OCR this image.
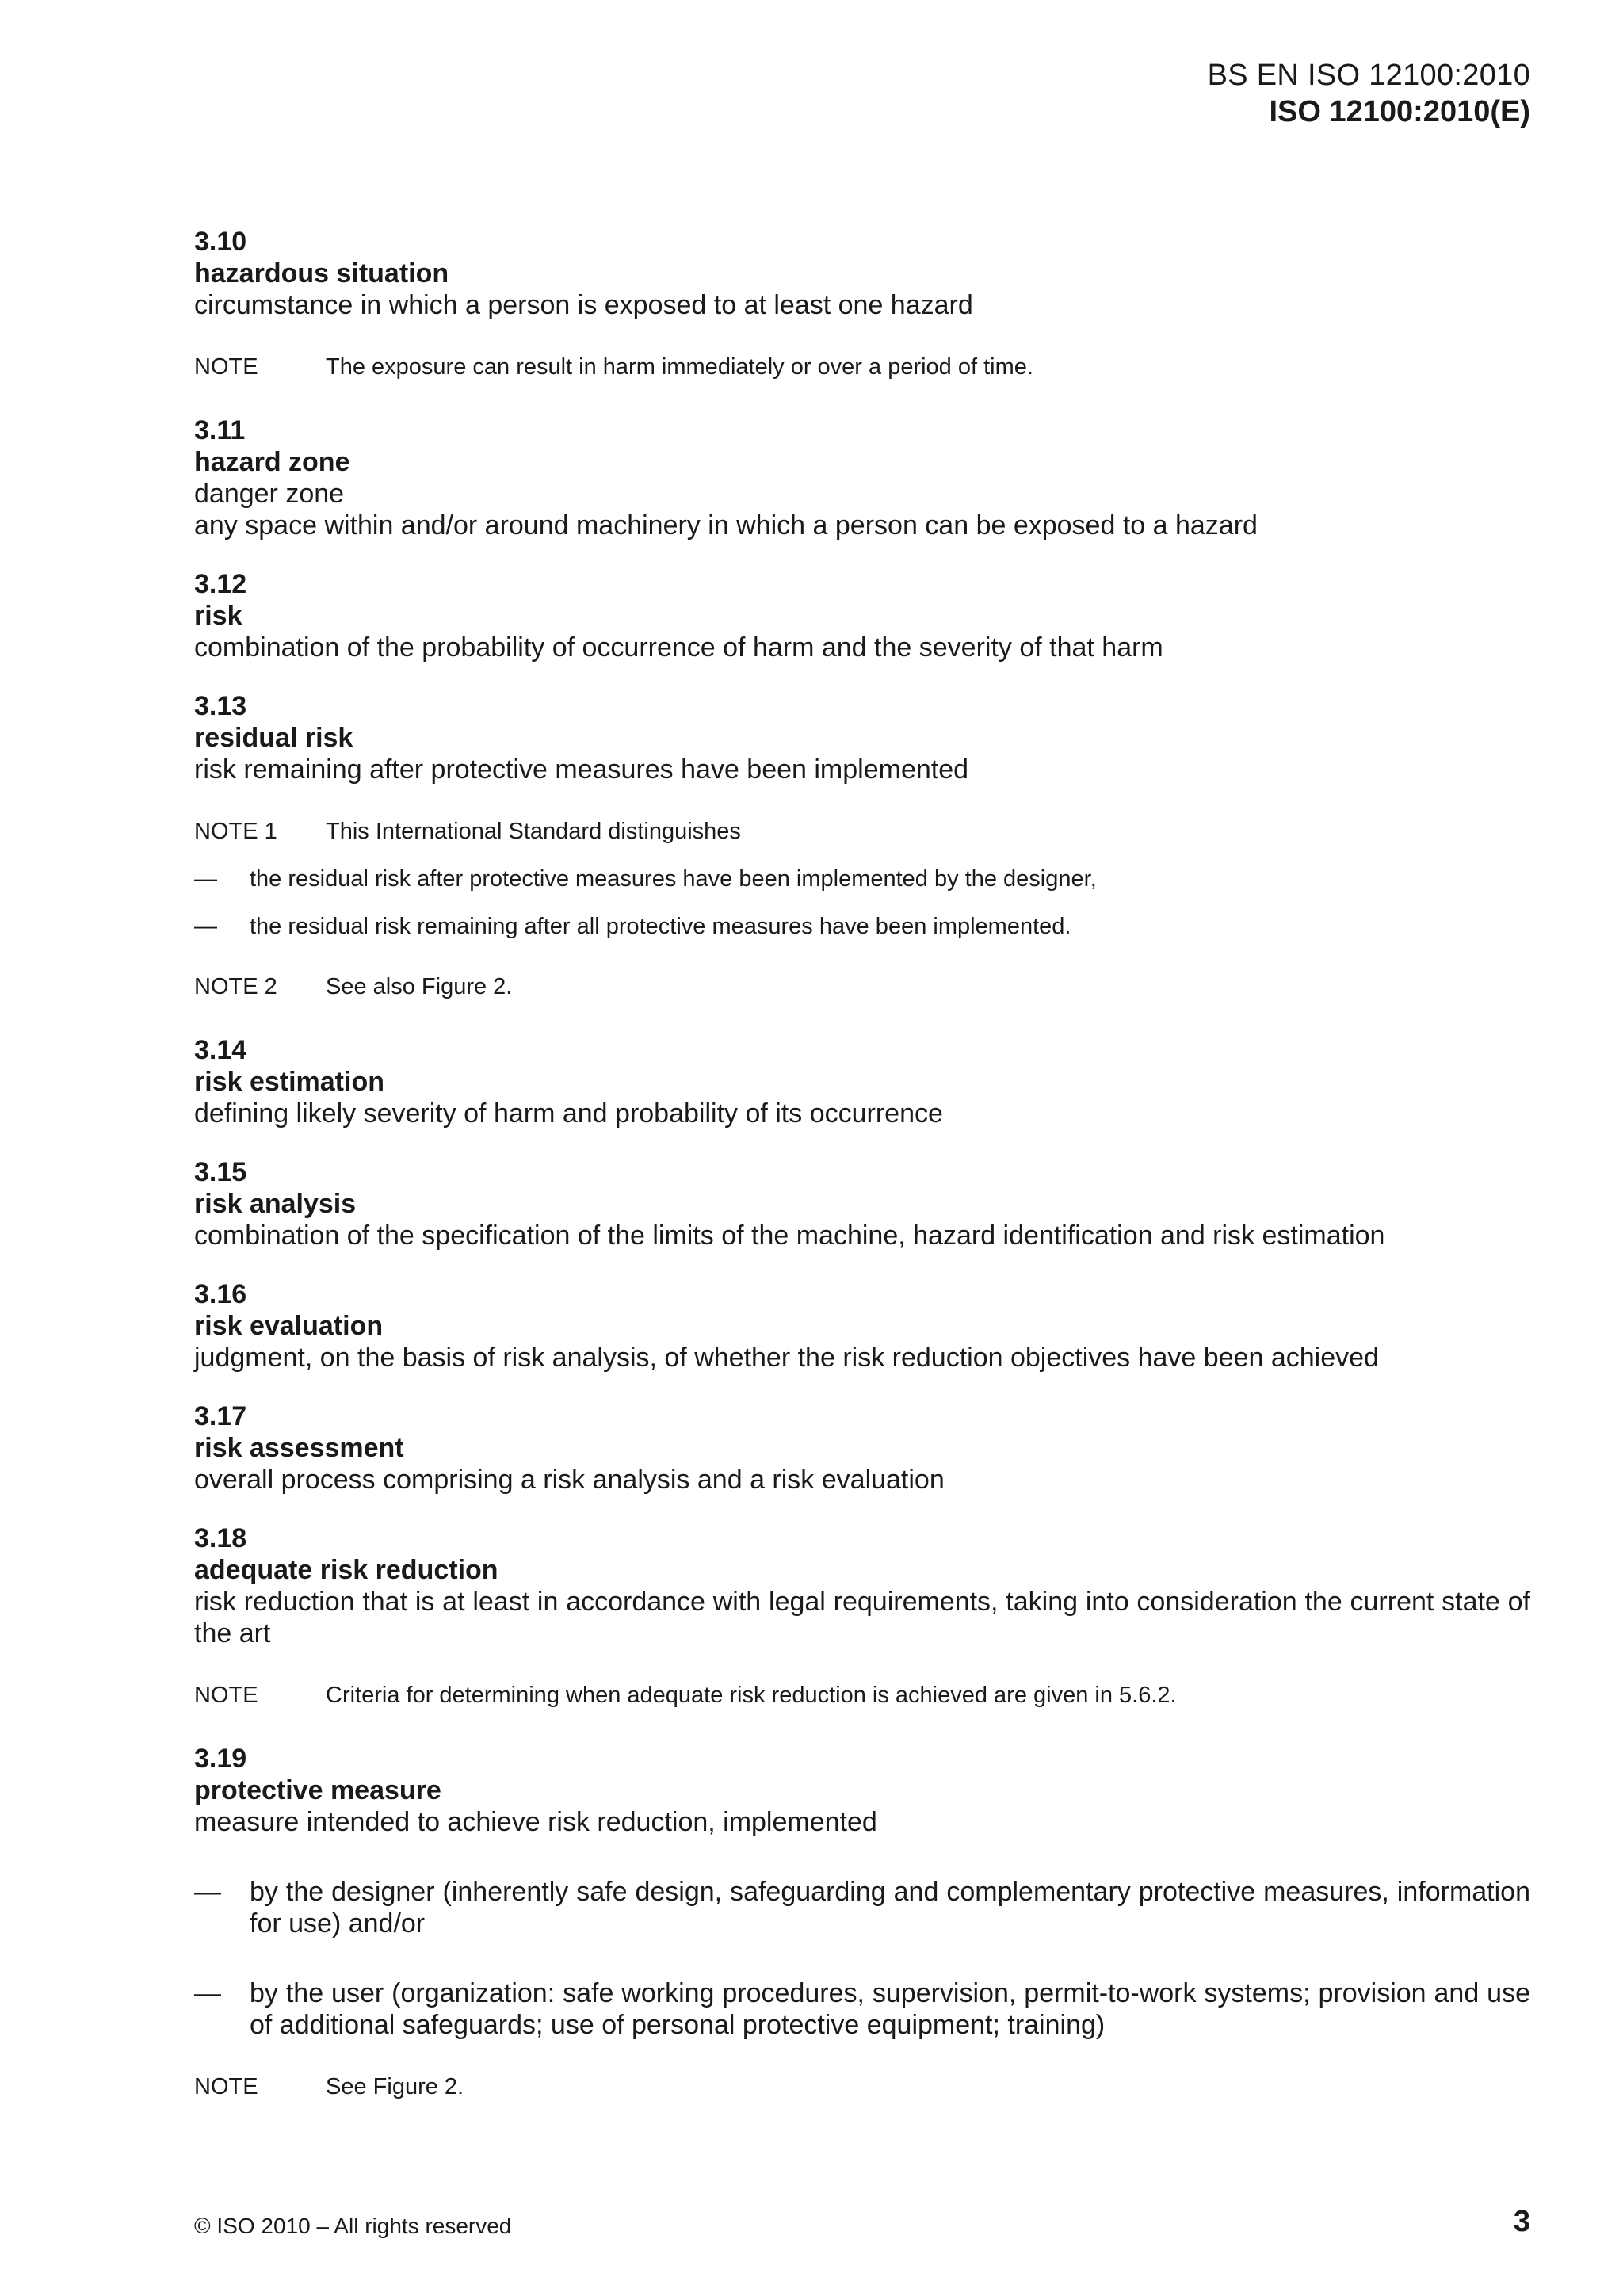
BS EN ISO 12100:2010
ISO 12100:2010(E)
3.10
hazardous situation
circumstance in which a person is exposed to at least one hazard
NOTE	The exposure can result in harm immediately or over a period of time.
3.11
hazard zone
danger zone
any space within and/or around machinery in which a person can be exposed to a hazard
3.12
risk
combination of the probability of occurrence of harm and the severity of that harm
3.13
residual risk
risk remaining after protective measures have been implemented
NOTE 1	This International Standard distinguishes
—	the residual risk after protective measures have been implemented by the designer,
—	the residual risk remaining after all protective measures have been implemented.
NOTE 2	See also Figure 2.
3.14
risk estimation
defining likely severity of harm and probability of its occurrence
3.15
risk analysis
combination of the specification of the limits of the machine, hazard identification and risk estimation
3.16
risk evaluation
judgment, on the basis of risk analysis, of whether the risk reduction objectives have been achieved
3.17
risk assessment
overall process comprising a risk analysis and a risk evaluation
3.18
adequate risk reduction
risk reduction that is at least in accordance with legal requirements, taking into consideration the current state of the art
NOTE	Criteria for determining when adequate risk reduction is achieved are given in 5.6.2.
3.19
protective measure
measure intended to achieve risk reduction, implemented
—	by the designer (inherently safe design, safeguarding and complementary protective measures, information for use) and/or
—	by the user (organization: safe working procedures, supervision, permit-to-work systems; provision and use of additional safeguards; use of personal protective equipment; training)
NOTE	See Figure 2.
© ISO 2010 – All rights reserved	3
